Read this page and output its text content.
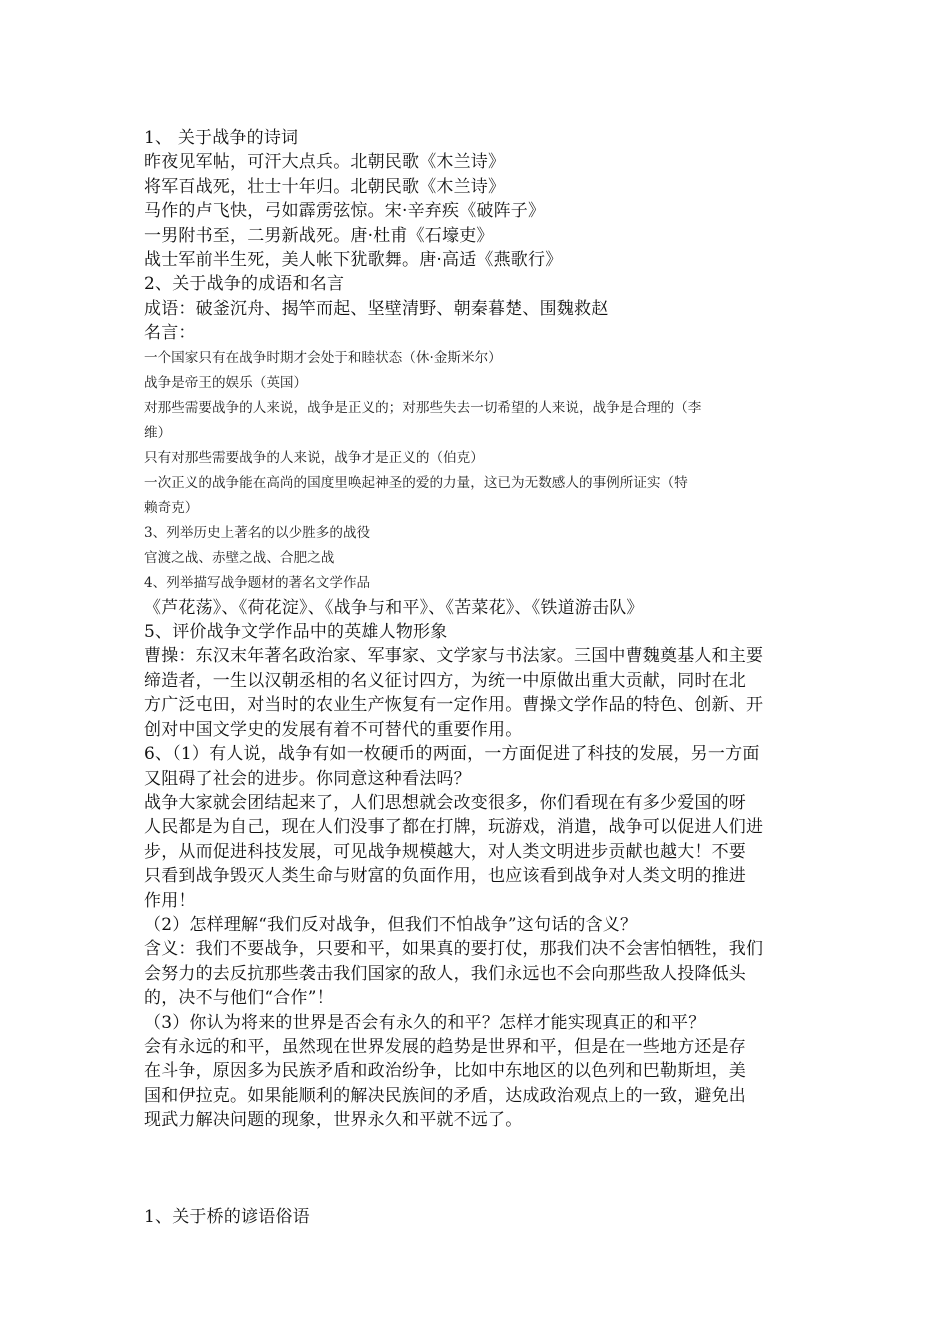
1、 关于战争的诗词
昨夜见军帖，可汗大点兵。北朝民歌《木兰诗》
将军百战死，壮士十年归。北朝民歌《木兰诗》
马作的卢飞快，弓如霹雳弦惊。宋·辛弃疾《破阵子》
一男附书至，二男新战死。唐·杜甫《石壕吏》
战士军前半生死，美人帐下犹歌舞。唐·高适《燕歌行》
2、关于战争的成语和名言
成语：破釜沉舟、揭竿而起、坚壁清野、朝秦暮楚、围魏救赵
名言：
一个国家只有在战争时期才会处于和睦状态（休·金斯米尔）
战争是帝王的娱乐（英国）
对那些需要战争的人来说，战争是正义的；对那些失去一切希望的人来说，战争是合理的（李
维）
只有对那些需要战争的人来说，战争才是正义的（伯克）
一次正义的战争能在高尚的国度里唤起神圣的爱的力量，这已为无数感人的事例所证实（特
赖奇克）
3、列举历史上著名的以少胜多的战役
官渡之战、赤壁之战、合肥之战
4、列举描写战争题材的著名文学作品
《芦花荡》、《荷花淀》、《战争与和平》、《苦菜花》、《铁道游击队》
5、评价战争文学作品中的英雄人物形象
曹操：东汉末年著名政治家、军事家、文学家与书法家。三国中曹魏奠基人和主要
缔造者，一生以汉朝丞相的名义征讨四方，为统一中原做出重大贡献，同时在北
方广泛屯田，对当时的农业生产恢复有一定作用。曹操文学作品的特色、创新、开
创对中国文学史的发展有着不可替代的重要作用。
6、（1）有人说，战争有如一枚硬币的两面，一方面促进了科技的发展，另一方面
又阻碍了社会的进步。你同意这种看法吗？
战争大家就会团结起来了，人们思想就会改变很多，你们看现在有多少爱国的呀
人民都是为自己，现在人们没事了都在打牌，玩游戏，消遣，战争可以促进人们进
步，从而促进科技发展，可见战争规模越大，对人类文明进步贡献也越大！不要
只看到战争毁灭人类生命与财富的负面作用，也应该看到战争对人类文明的推进
作用！
（2）怎样理解“我们反对战争，但我们不怕战争”这句话的含义？
含义：我们不要战争，只要和平，如果真的要打仗，那我们决不会害怕牺牲，我们
会努力的去反抗那些袭击我们国家的敌人，我们永远也不会向那些敌人投降低头
的，决不与他们“合作”！
（3）你认为将来的世界是否会有永久的和平？怎样才能实现真正的和平？
会有永远的和平，虽然现在世界发展的趋势是世界和平，但是在一些地方还是存
在斗争，原因多为民族矛盾和政治纷争，比如中东地区的以色列和巴勒斯坦，美
国和伊拉克。如果能顺利的解决民族间的矛盾，达成政治观点上的一致，避免出
现武力解决问题的现象，世界永久和平就不远了。
1、关于桥的谚语俗语
